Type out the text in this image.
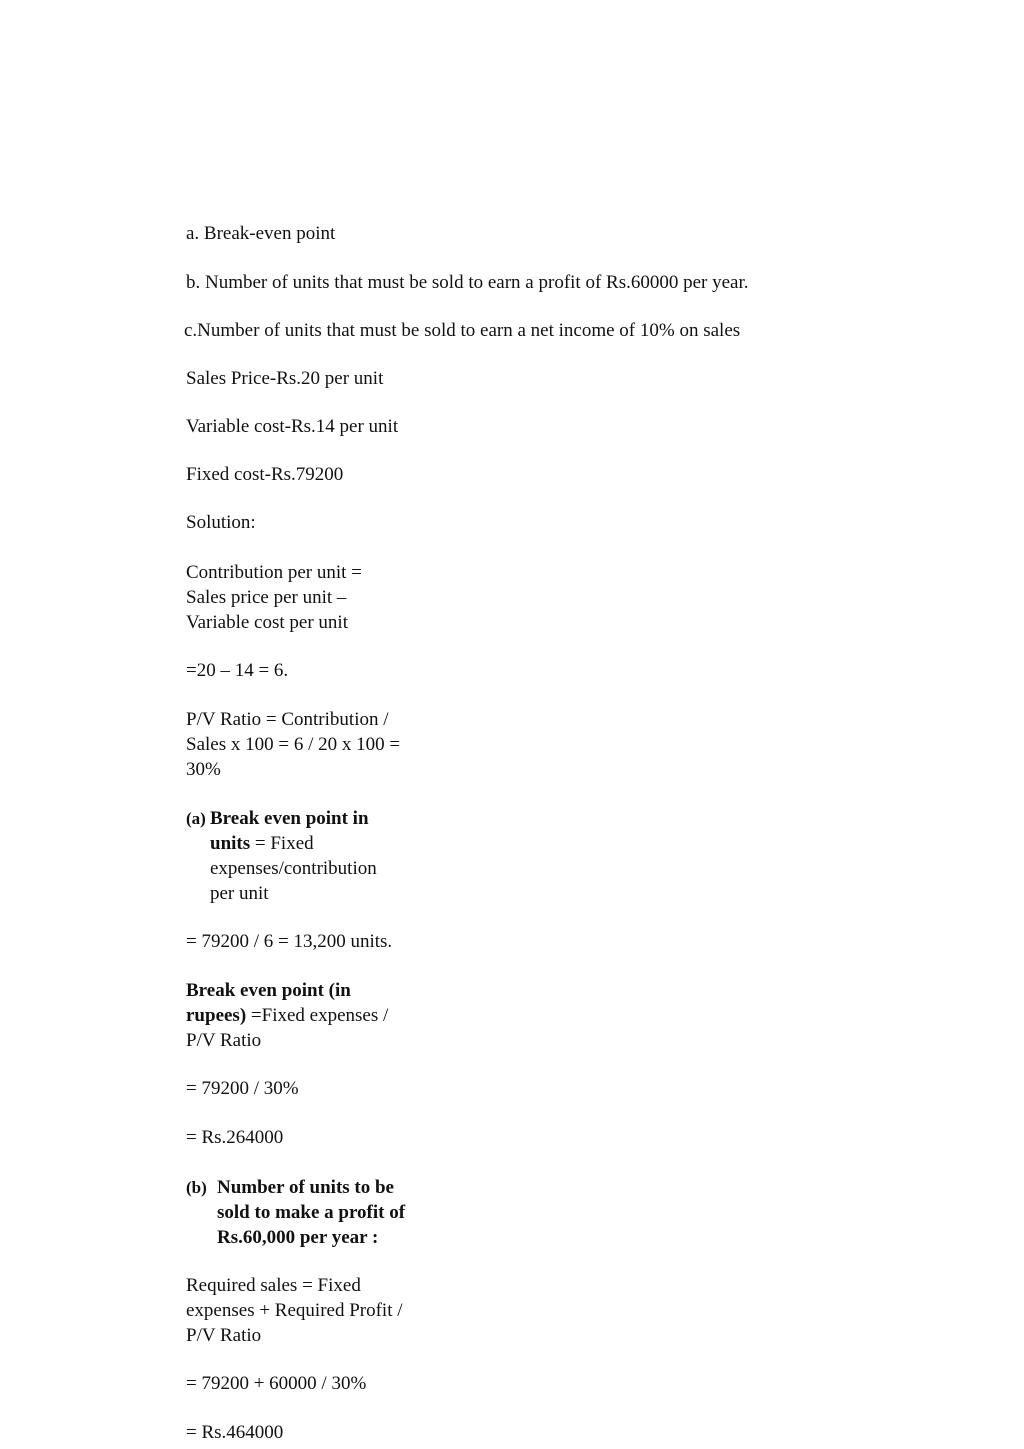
a. Break-even point
b. Number of units that must be sold to earn a profit of Rs.60000 per year.
c.Number of units that must be sold to earn a net income of 10% on sales
Sales Price-Rs.20 per unit
Variable cost-Rs.14 per unit
Fixed cost-Rs.79200
Solution:
Contribution per unit =
Sales price per unit –
Variable cost per unit
=20 – 14 = 6.
P/V Ratio = Contribution /
Sales x 100 = 6 / 20 x 100 =
30%
(a) Break even point in
units = Fixed
expenses/contribution
per unit
= 79200 / 6 = 13,200 units.
Break even point (in
rupees) =Fixed expenses /
P/V Ratio
= 79200 / 30%
= Rs.264000
(b) Number of units to be
sold to make a profit of
Rs.60,000 per year :
Required sales = Fixed
expenses + Required Profit /
P/V Ratio
= 79200 + 60000 / 30%
= Rs.464000
